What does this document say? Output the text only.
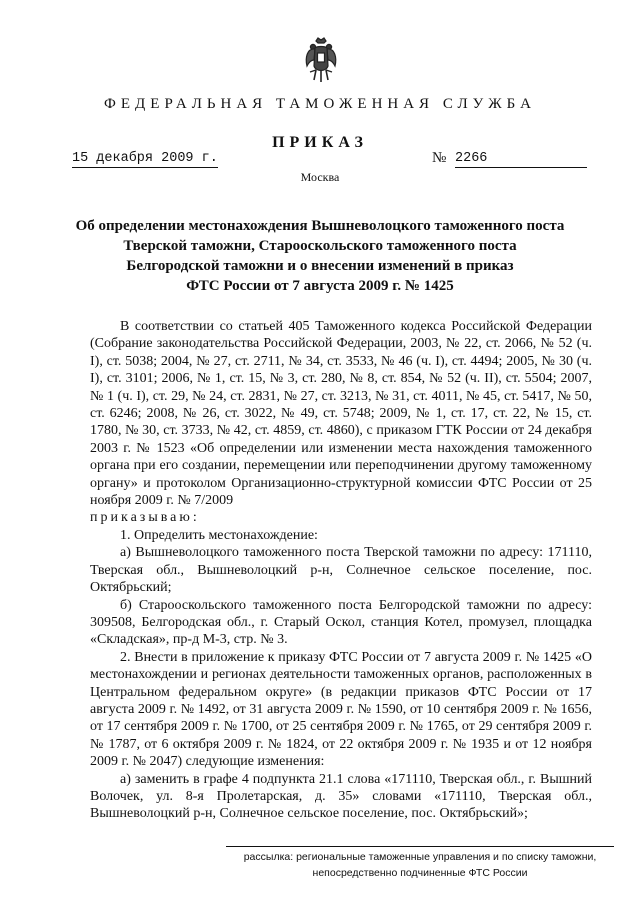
ФЕДЕРАЛЬНАЯ ТАМОЖЕННАЯ СЛУЖБА
ПРИКАЗ
15 декабря 2009 г.	№ 2266
Москва
Об определении местонахождения Вышневолоцкого таможенного поста
Тверской таможни, Старооскольского таможенного поста
Белгородской таможни и о внесении изменений в приказ
ФТС России от 7 августа 2009 г. № 1425

В соответствии со статьей 405 Таможенного кодекса Российской Федерации (Собрание законодательства Российской Федерации, 2003, № 22, ст. 2066, № 52 (ч. I), ст. 5038; 2004, № 27, ст. 2711, № 34, ст. 3533, № 46 (ч. I), ст. 4494; 2005, № 30 (ч. I), ст. 3101; 2006, № 1, ст. 15, № 3, ст. 280, № 8, ст. 854, № 52 (ч. II), ст. 5504; 2007, № 1 (ч. I), ст. 29, № 24, ст. 2831, № 27, ст. 3213, № 31, ст. 4011, № 45, ст. 5417, № 50, ст. 6246; 2008, № 26, ст. 3022, № 49, ст. 5748; 2009, № 1, ст. 17, ст. 22, № 15, ст. 1780, № 30, ст. 3733, № 42, ст. 4859, ст. 4860), с приказом ГТК России от 24 декабря 2003 г. № 1523 «Об определении или изменении места нахождения таможенного органа при его создании, перемещении или переподчинении другому таможенному органу» и протоколом Организационно-структурной комиссии ФТС России от 25 ноября 2009 г. № 7/2009

приказываю:

1. Определить местонахождение:

а) Вышневолоцкого таможенного поста Тверской таможни по адресу: 171110, Тверская обл., Вышневолоцкий р-н, Солнечное сельское поселение, пос. Октябрьский;

б) Старооскольского таможенного поста Белгородской таможни по адресу: 309508, Белгородская обл., г. Старый Оскол, станция Котел, промузел, площадка «Складская», пр-д М-3, стр. № 3.

2. Внести в приложение к приказу ФТС России от 7 августа 2009 г. № 1425 «О местонахождении и регионах деятельности таможенных органов, расположенных в Центральном федеральном округе» (в редакции приказов ФТС России от 17 августа 2009 г. № 1492, от 31 августа 2009 г. № 1590, от 10 сентября 2009 г. № 1656, от 17 сентября 2009 г. № 1700, от 25 сентября 2009 г. № 1765, от 29 сентября 2009 г. № 1787, от 6 октября 2009 г. № 1824, от 22 октября 2009 г. № 1935 и от 12 ноября 2009 г. № 2047) следующие изменения:

а) заменить в графе 4 подпункта 21.1 слова «171110, Тверская обл., г. Вышний Волочек, ул. 8-я Пролетарская, д. 35» словами «171110, Тверская обл., Вышневолоцкий р-н, Солнечное сельское поселение, пос. Октябрьский»;

рассылка: региональные таможенные управления и по списку таможни,
непосредственно подчиненные ФТС России
